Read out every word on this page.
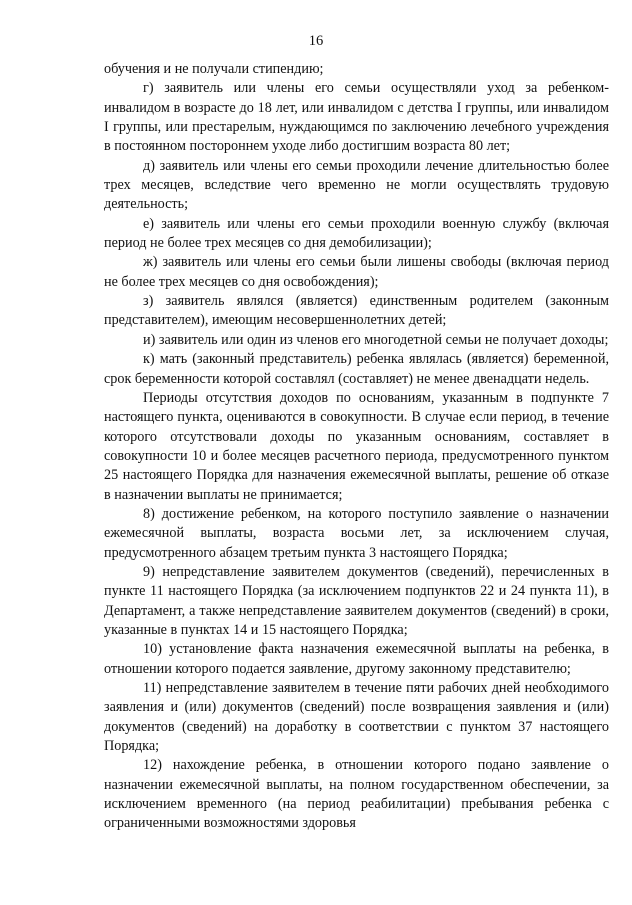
16

обучения и не получали стипендию;

г) заявитель или члены его семьи осуществляли уход за ребенком-инвалидом в возрасте до 18 лет, или инвалидом с детства I группы, или инвалидом I группы, или престарелым, нуждающимся по заключению лечебного учреждения в постоянном постороннем уходе либо достигшим возраста 80 лет;

д) заявитель или члены его семьи проходили лечение длительностью более трех месяцев, вследствие чего временно не могли осуществлять трудовую деятельность;

е) заявитель или члены его семьи проходили военную службу (включая период не более трех месяцев со дня демобилизации);

ж) заявитель или члены его семьи были лишены свободы (включая период не более трех месяцев со дня освобождения);

з) заявитель являлся (является) единственным родителем (законным представителем), имеющим несовершеннолетних детей;

и) заявитель или один из членов его многодетной семьи не получает доходы;

к) мать (законный представитель) ребенка являлась (является) беременной, срок беременности которой составлял (составляет) не менее двенадцати недель.

Периоды отсутствия доходов по основаниям, указанным в подпункте 7 настоящего пункта, оцениваются в совокупности. В случае если период, в течение которого отсутствовали доходы по указанным основаниям, составляет в совокупности 10 и более месяцев расчетного периода, предусмотренного пунктом 25 настоящего Порядка для назначения ежемесячной выплаты, решение об отказе в назначении выплаты не принимается;

8) достижение ребенком, на которого поступило заявление о назначении ежемесячной выплаты, возраста восьми лет, за исключением случая, предусмотренного абзацем третьим пункта 3 настоящего Порядка;

9) непредставление заявителем документов (сведений), перечисленных в пункте 11 настоящего Порядка (за исключением подпунктов 22 и 24 пункта 11), в Департамент, а также непредставление заявителем документов (сведений) в сроки, указанные в пунктах 14 и 15 настоящего Порядка;

10) установление факта назначения ежемесячной выплаты на ребенка, в отношении которого подается заявление, другому законному представителю;

11) непредставление заявителем в течение пяти рабочих дней необходимого заявления и (или) документов (сведений) после возвращения заявления и (или) документов (сведений) на доработку в соответствии с пунктом 37 настоящего Порядка;

12) нахождение ребенка, в отношении которого подано заявление о назначении ежемесячной выплаты, на полном государственном обеспечении, за исключением временного (на период реабилитации) пребывания ребенка с ограниченными возможностями здоровья
